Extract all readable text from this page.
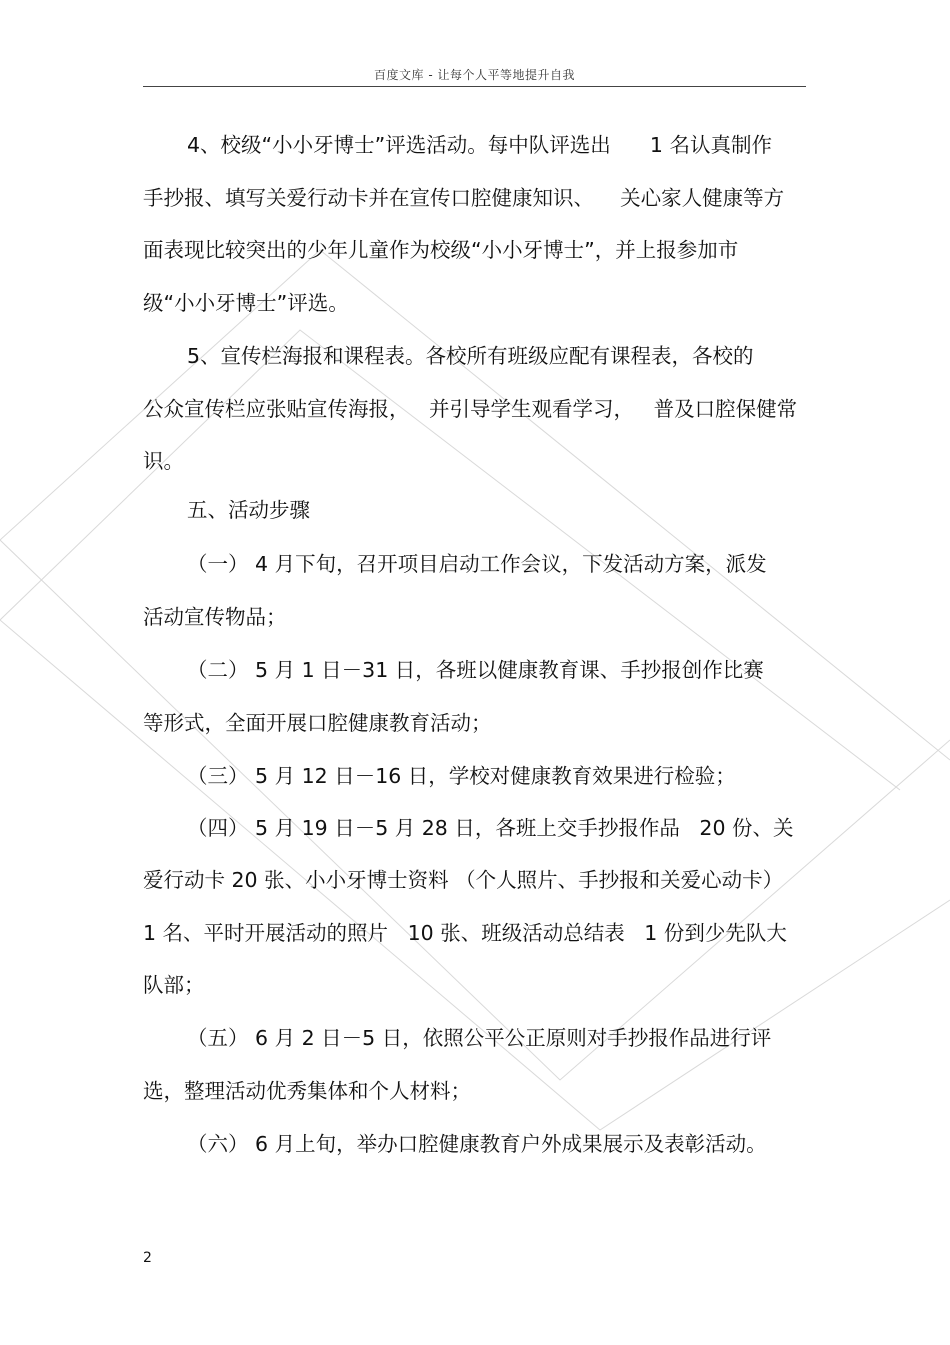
百度文库 - 让每个人平等地提升自我
4、校级“小小牙博士”评选活动。每中队评选出      1 名认真制作
手抄报、填写关爱行动卡并在宣传口腔健康知识、    关心家人健康等方
面表现比较突出的少年儿童作为校级“小小牙博士”，并上报参加市
级“小小牙博士”评选。
5、宣传栏海报和课程表。各校所有班级应配有课程表，各校的
公众宣传栏应张贴宣传海报，   并引导学生观看学习，   普及口腔保健常
识。
五、活动步骤
（一） 4 月下旬，召开项目启动工作会议，下发活动方案，派发
活动宣传物品；
（二） 5 月 1 日－31 日，各班以健康教育课、手抄报创作比赛
等形式，全面开展口腔健康教育活动；
（三） 5 月 12 日－16 日，学校对健康教育效果进行检验；
（四） 5 月 19 日－5 月 28 日，各班上交手抄报作品   20 份、关
爱行动卡 20 张、小小牙博士资料 （个人照片、手抄报和关爱心动卡）
1 名、平时开展活动的照片   10 张、班级活动总结表   1 份到少先队大
队部；
（五） 6 月 2 日－5 日，依照公平公正原则对手抄报作品进行评
选，整理活动优秀集体和个人材料；
（六） 6 月上旬，举办口腔健康教育户外成果展示及表彰活动。
2
